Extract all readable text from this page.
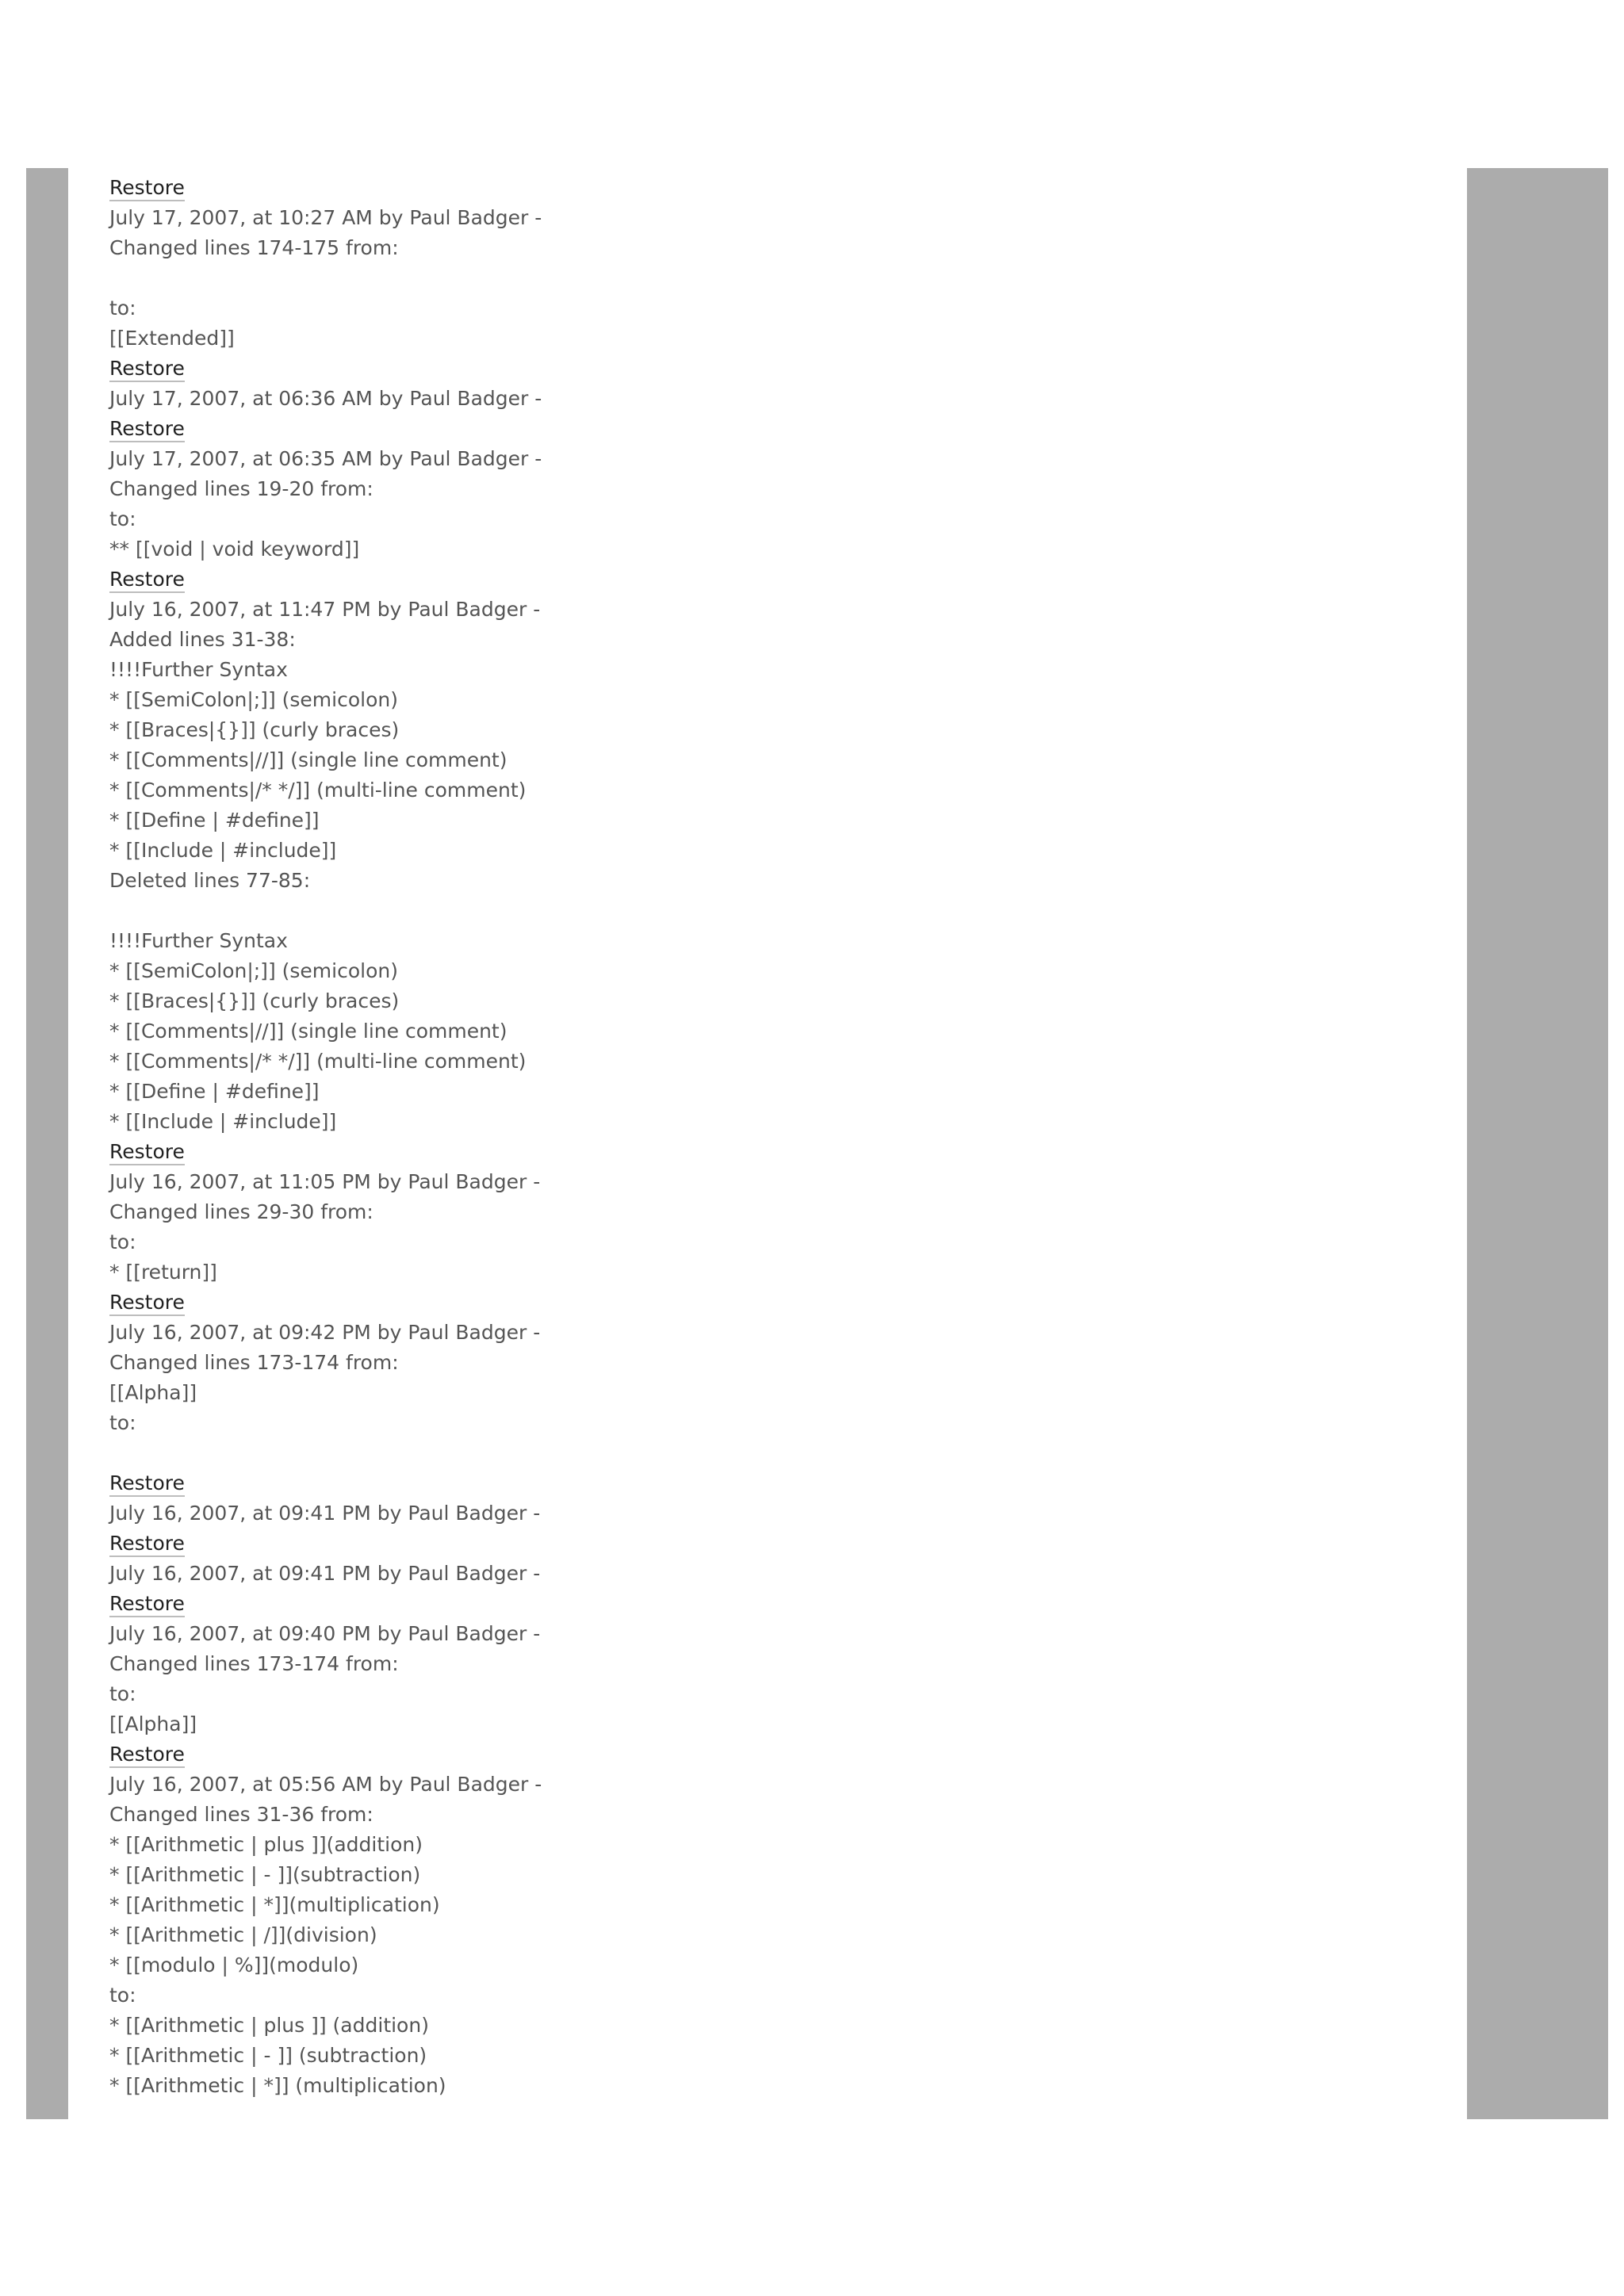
Restore
July 17, 2007, at 10:27 AM by Paul Badger -
Changed lines 174-175 from:
to:
[[Extended]]
Restore
July 17, 2007, at 06:36 AM by Paul Badger -
Restore
July 17, 2007, at 06:35 AM by Paul Badger -
Changed lines 19-20 from:
to:
** [[void | void keyword]]
Restore
July 16, 2007, at 11:47 PM by Paul Badger -
Added lines 31-38:
!!!!Further Syntax
* [[SemiColon|;]] (semicolon)
* [[Braces|{}]] (curly braces)
* [[Comments|//]] (single line comment)
* [[Comments|/* */]] (multi-line comment)
* [[Define | #define]]
* [[Include | #include]]
Deleted lines 77-85:
!!!!Further Syntax
* [[SemiColon|;]] (semicolon)
* [[Braces|{}]] (curly braces)
* [[Comments|//]] (single line comment)
* [[Comments|/* */]] (multi-line comment)
* [[Define | #define]]
* [[Include | #include]]
Restore
July 16, 2007, at 11:05 PM by Paul Badger -
Changed lines 29-30 from:
to:
* [[return]]
Restore
July 16, 2007, at 09:42 PM by Paul Badger -
Changed lines 173-174 from:
[[Alpha]]
to:
Restore
July 16, 2007, at 09:41 PM by Paul Badger -
Restore
July 16, 2007, at 09:41 PM by Paul Badger -
Restore
July 16, 2007, at 09:40 PM by Paul Badger -
Changed lines 173-174 from:
to:
[[Alpha]]
Restore
July 16, 2007, at 05:56 AM by Paul Badger -
Changed lines 31-36 from:
* [[Arithmetic | plus ]](addition)
* [[Arithmetic | - ]](subtraction)
* [[Arithmetic | *]](multiplication)
* [[Arithmetic | /]](division)
* [[modulo | %]](modulo)
to:
* [[Arithmetic | plus ]] (addition)
* [[Arithmetic | - ]] (subtraction)
* [[Arithmetic | *]] (multiplication)
